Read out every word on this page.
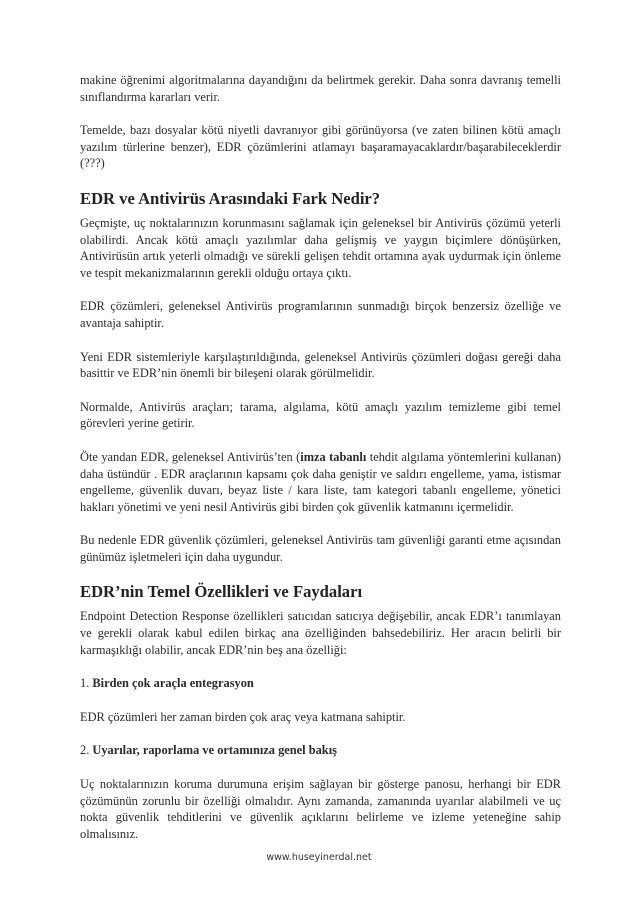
makine öğrenimi algoritmalarına dayandığını da belirtmek gerekir. Daha sonra davranış temelli sınıflandırma kararları verir.

Temelde, bazı dosyalar kötü niyetli davranıyor gibi görünüyorsa (ve zaten bilinen kötü amaçlı yazılım türlerine benzer), EDR çözümlerini atlamayı başaramayacaklardır/başarabileceklerdir (???)

EDR ve Antivirüs Arasındaki Fark Nedir?

Geçmişte, uç noktalarınızın korunmasını sağlamak için geleneksel bir Antivirüs çözümü yeterli olabilirdi. Ancak kötü amaçlı yazılımlar daha gelişmiş ve yaygın biçimlere dönüşürken, Antivirüsün artık yeterli olmadığı ve sürekli gelişen tehdit ortamına ayak uydurmak için önleme ve tespit mekanizmalarının gerekli olduğu ortaya çıktı.

EDR çözümleri, geleneksel Antivirüs programlarının sunmadığı birçok benzersiz özelliğe ve avantaja sahiptir.

Yeni EDR sistemleriyle karşılaştırıldığında, geleneksel Antivirüs çözümleri doğası gereği daha basittir ve EDR’nin önemli bir bileşeni olarak görülmelidir.

Normalde, Antivirüs araçları; tarama, algılama, kötü amaçlı yazılım temizleme gibi temel görevleri yerine getirir.

Öte yandan EDR, geleneksel Antivirüs’ten (imza tabanlı tehdit algılama yöntemlerini kullanan) daha üstündür . EDR araçlarının kapsamı çok daha geniştir ve saldırı engelleme, yama, istismar engelleme, güvenlik duvarı, beyaz liste / kara liste, tam kategori tabanlı engelleme, yönetici hakları yönetimi ve yeni nesil Antivirüs gibi birden çok güvenlik katmanını içermelidir.

Bu nedenle EDR güvenlik çözümleri, geleneksel Antivirüs tam güvenliği garanti etme açısından günümüz işletmeleri için daha uygundur.

EDR’nin Temel Özellikleri ve Faydaları

Endpoint Detection Response özellikleri satıcıdan satıcıya değişebilir, ancak EDR’ı tanımlayan ve gerekli olarak kabul edilen birkaç ana özelliğinden bahsedebiliriz. Her aracın belirli bir karmaşıklığı olabilir, ancak EDR’nin beş ana özelliği:

1. Birden çok araçla entegrasyon

EDR çözümleri her zaman birden çok araç veya katmana sahiptir.

2. Uyarılar, raporlama ve ortamınıza genel bakış

Uç noktalarınızın koruma durumuna erişim sağlayan bir gösterge panosu, herhangi bir EDR çözümünün zorunlu bir özelliği olmalıdır. Aynı zamanda, zamanında uyarılar alabilmeli ve uç nokta güvenlik tehditlerini ve güvenlik açıklarını belirleme ve izleme yeteneğine sahip olmalısınız.

www.huseyinerdal.net
